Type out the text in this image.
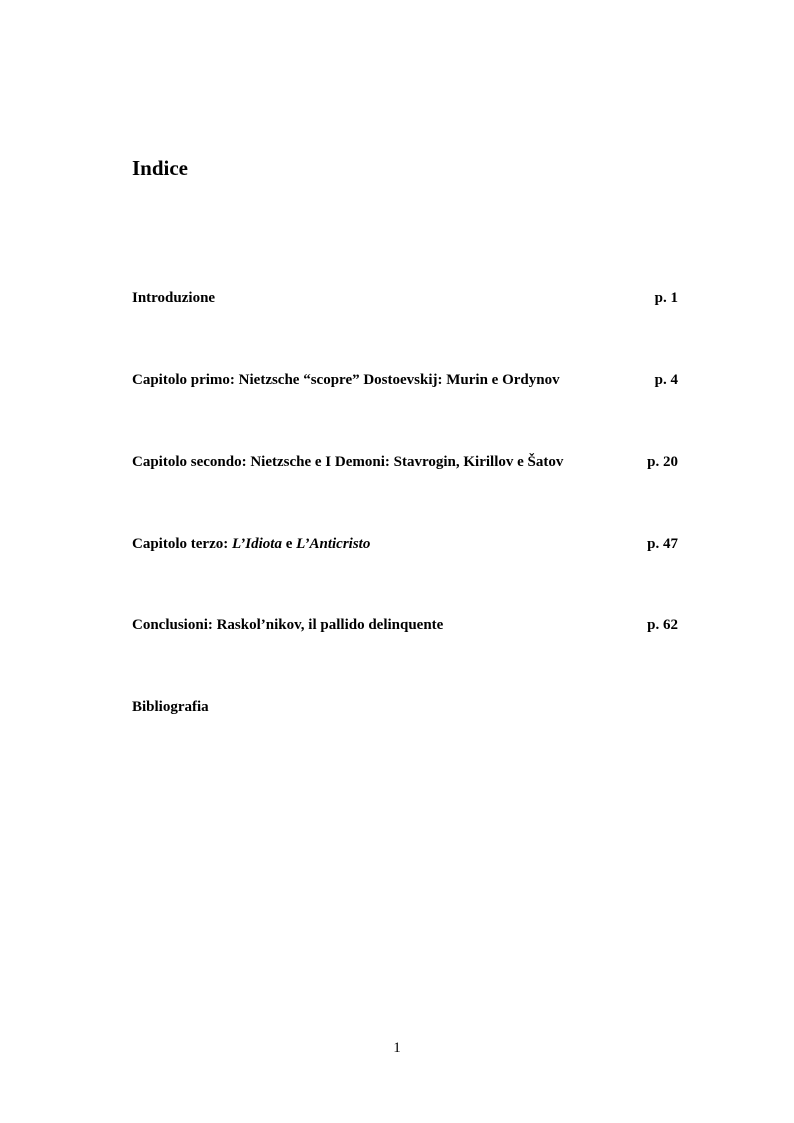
Indice
Introduzione	p. 1
Capitolo primo: Nietzsche “scopre” Dostoevskij: Murin e Ordynov	p. 4
Capitolo secondo: Nietzsche e I Demoni: Stavrogin, Kirillov e Šatov	p. 20
Capitolo terzo: L’Idiota e L’Anticristo	p. 47
Conclusioni: Raskol’nikov, il pallido delinquente	p. 62
Bibliografia
1
